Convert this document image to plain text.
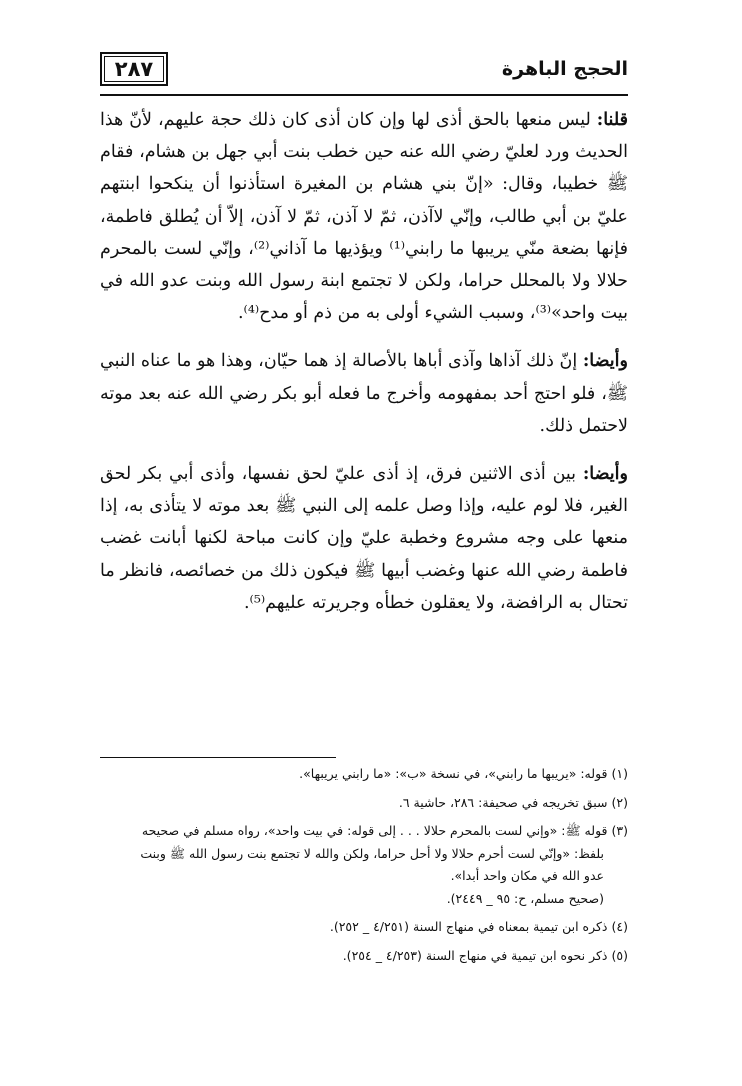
٢٨٧	الحجج الباهرة

قلنا: ليس منعها بالحق أذى لها وإن كان أذى كان ذلك حجة عليهم، لأنّ هذا الحديث ورد لعليّ رضي الله عنه حين خطب بنت أبي جهل بن هشام، فقام ﷺ خطيبا، وقال: «إنّ بني هشام بن المغيرة استأذنوا أن ينكحوا ابنتهم عليّ بن أبي طالب، وإنّي لاآذن، ثمّ لا آذن، ثمّ لا آذن، إلاّ أن يُطلق فاطمة، فإنها بضعة منّي يريبها ما رابني⁽¹⁾ ويؤذيها ما آذاني⁽²⁾، وإنّي لست بالمحرم حلالا ولا بالمحلل حراما، ولكن لا تجتمع ابنة رسول الله وبنت عدو الله في بيت واحد»⁽³⁾، وسبب الشيء أولى به من ذم أو مدح⁽⁴⁾.

وأيضا: إنّ ذلك آذاها وآذى أباها بالأصالة إذ هما حيّان، وهذا هو ما عناه النبي ﷺ، فلو احتج أحد بمفهومه وأخرج ما فعله أبو بكر رضي الله عنه بعد موته لاحتمل ذلك.

وأيضا: بين أذى الاثنين فرق، إذ أذى عليّ لحق نفسها، وأذى أبي بكر لحق الغير، فلا لوم عليه، وإذا وصل علمه إلى النبي ﷺ بعد موته لا يتأذى به، إذا منعها على وجه مشروع وخطبة عليّ وإن كانت مباحة لكنها أبانت غضب فاطمة رضي الله عنها وغضب أبيها ﷺ فيكون ذلك من خصائصه، فانظر ما تحتال به الرافضة، ولا يعقلون خطأه وجريرته عليهم⁽⁵⁾.

(١)قوله: «يريبها ما رابني»، في نسخة «ب»: «ما رابني يريبها».

(٢)سبق تخريجه في صحيفة: ٢٨٦، حاشية ٦.

(٣)قوله ﷺ: «وإني لست بالمحرم حلالا . . . إلى قوله: في بيت واحد»، رواه مسلم في صحيحه
بلفظ: «وإنّي لست أحرم حلالا ولا أحل حراما، ولكن والله لا تجتمع بنت رسول الله ﷺ وبنت
عدو الله في مكان واحد أبدا».
(صحيح مسلم، ح: ٩٥ _ ٢٤٤٩).

(٤)ذكره ابن تيمية بمعناه في منهاج السنة (٤/٢٥١ _ ٢٥٢).

(٥)ذكر نحوه ابن تيمية في منهاج السنة (٤/٢٥٣ _ ٢٥٤).
